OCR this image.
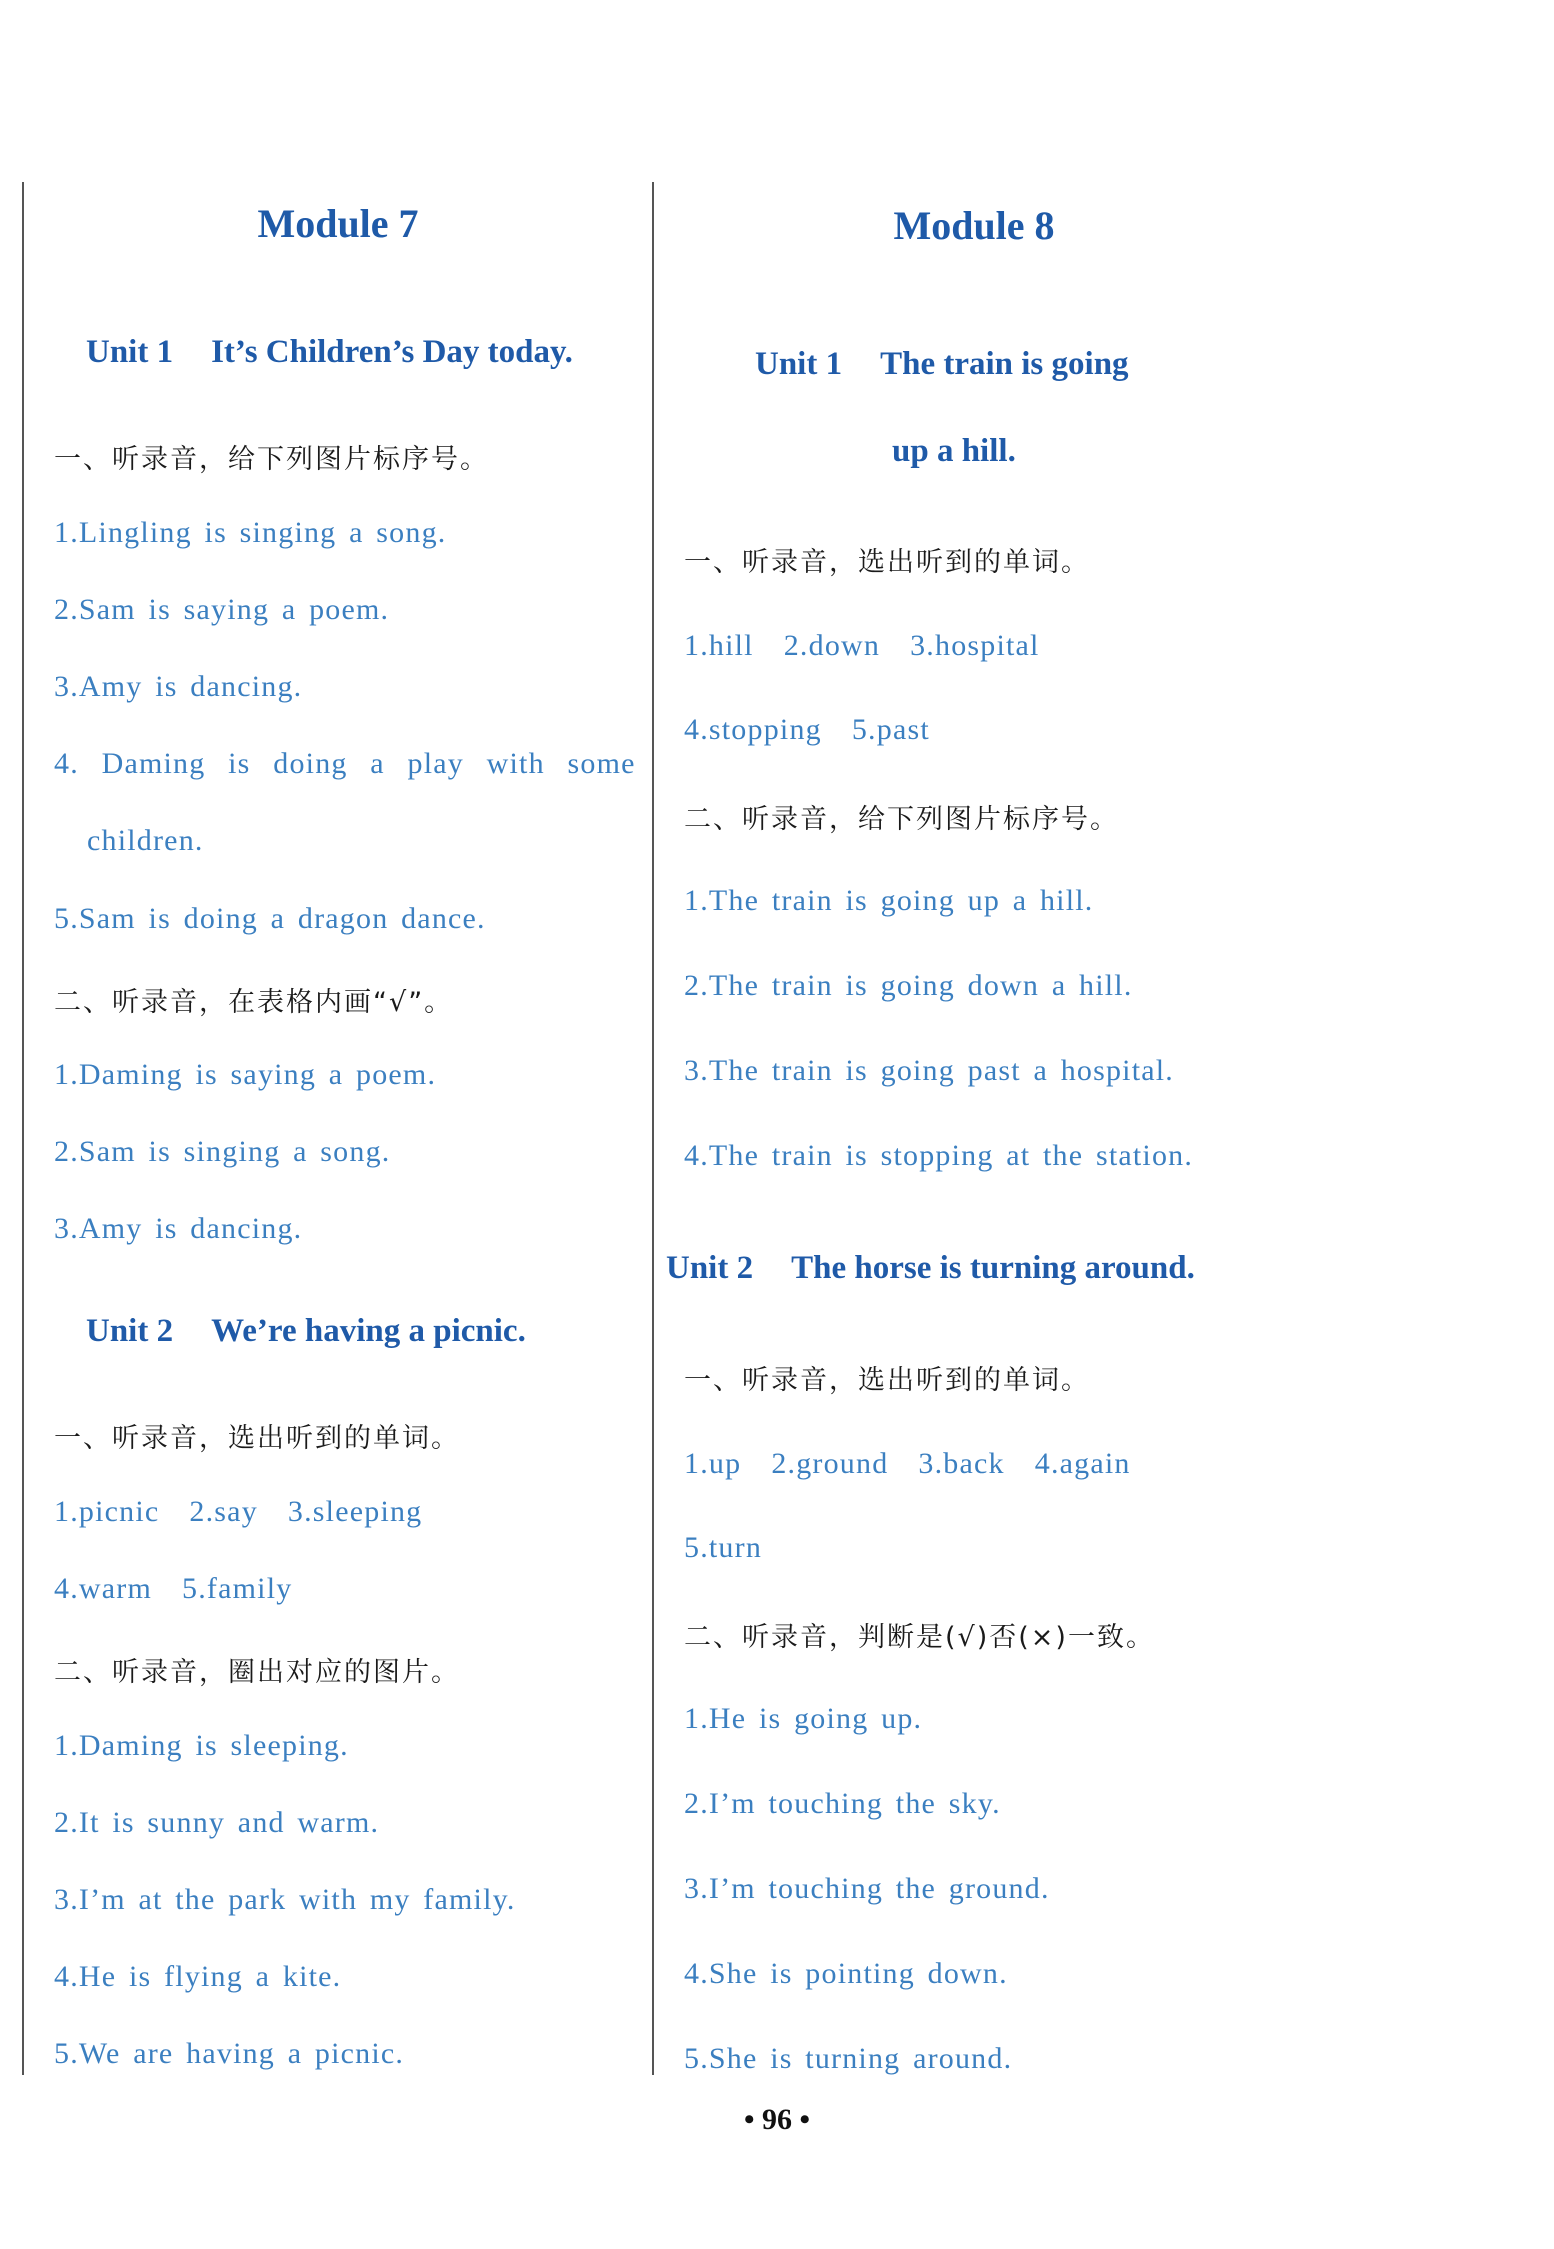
Module 7
Unit 1 It’s Children’s Day today.
一、听录音，给下列图片标序号。
1.Lingling is singing a song.
2.Sam is saying a poem.
3.Amy is dancing.
4. Daming is doing a play with some
children.
5.Sam is doing a dragon dance.
二、听录音，在表格内画“√”。
1.Daming is saying a poem.
2.Sam is singing a song.
3.Amy is dancing.
Unit 2 We’re having a picnic.
一、听录音，选出听到的单词。
1.picnic 2.say 3.sleeping
4.warm 5.family
二、听录音，圈出对应的图片。
1.Daming is sleeping.
2.It is sunny and warm.
3.I’m at the park with my family.
4.He is flying a kite.
5.We are having a picnic.
Module 8
Unit 1 The train is going
up a hill.
一、听录音，选出听到的单词。
1.hill 2.down 3.hospital
4.stopping 5.past
二、听录音，给下列图片标序号。
1.The train is going up a hill.
2.The train is going down a hill.
3.The train is going past a hospital.
4.The train is stopping at the station.
Unit 2 The horse is turning around.
一、听录音，选出听到的单词。
1.up 2.ground 3.back 4.again
5.turn
二、听录音，判断是(√)否(×)一致。
1.He is going up.
2.I’m touching the sky.
3.I’m touching the ground.
4.She is pointing down.
5.She is turning around.
• 96 •
